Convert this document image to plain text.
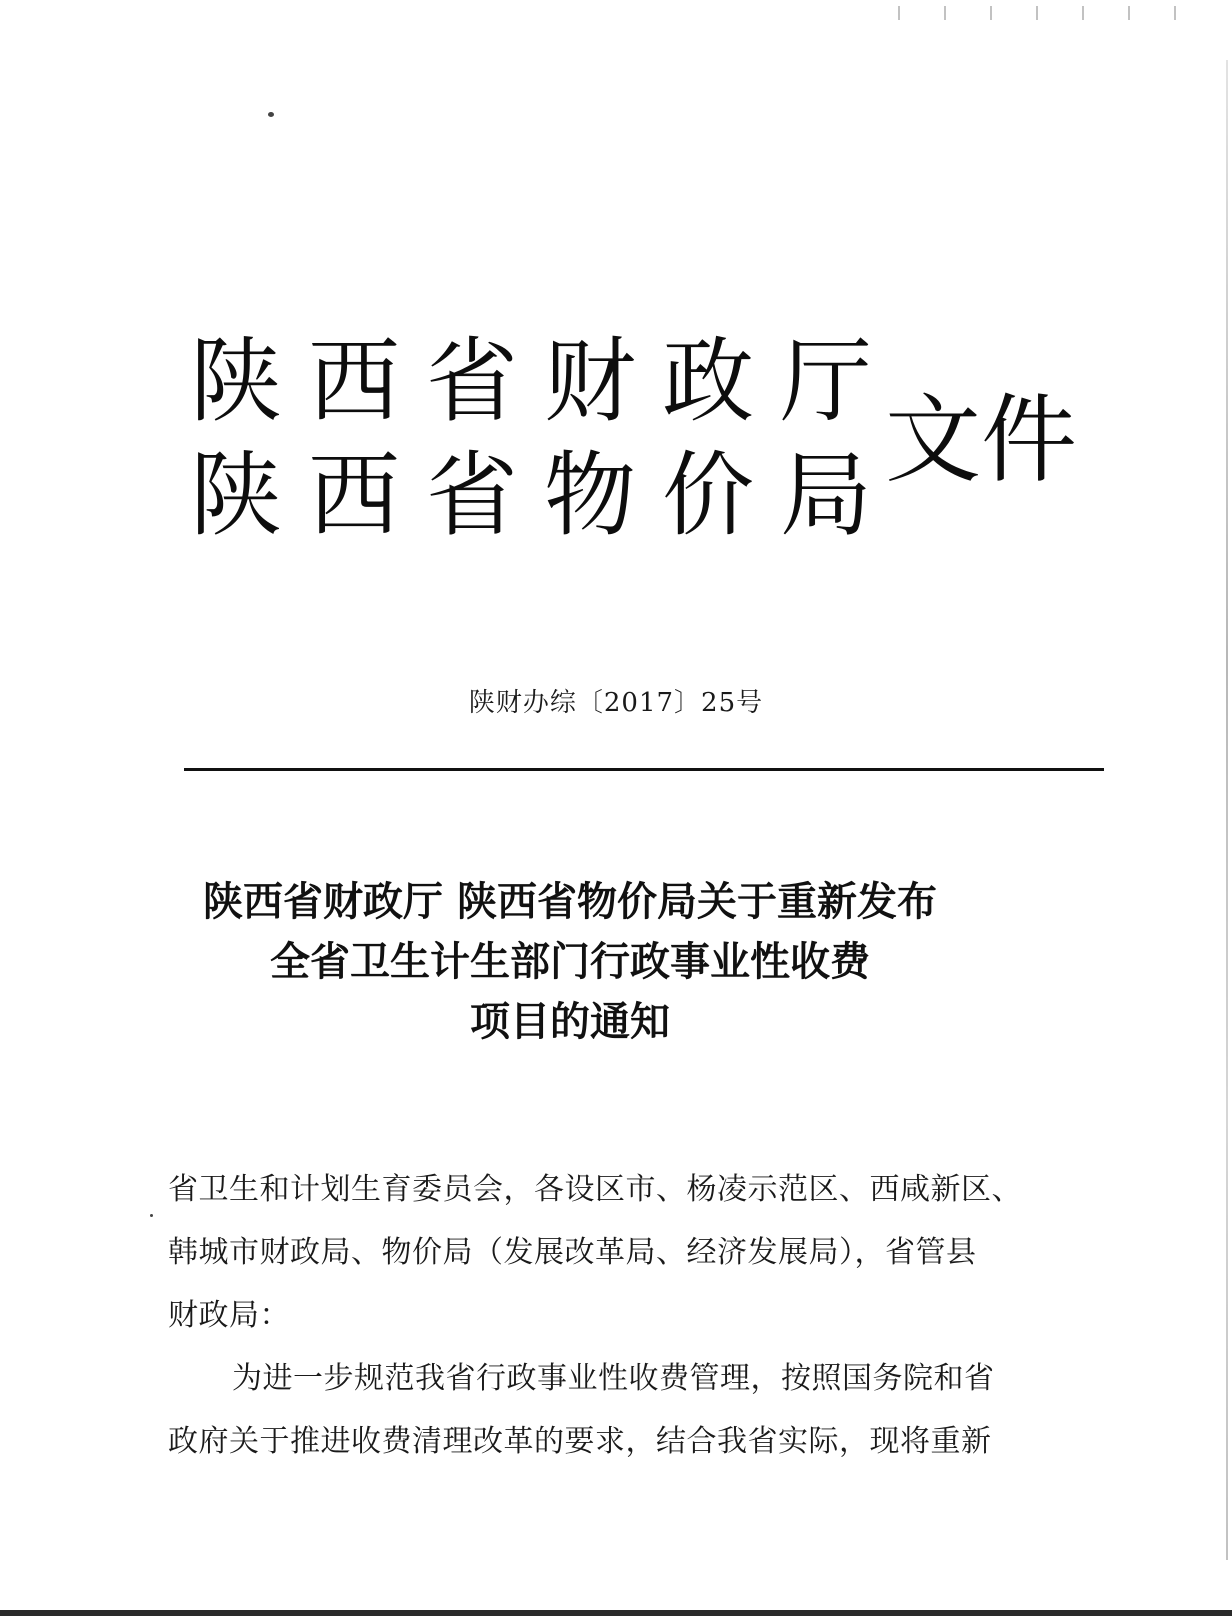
陕西省财政厅
陕西省物价局
文件
陕财办综〔2017〕25号
陕西省财政厅 陕西省物价局关于重新发布
全省卫生计生部门行政事业性收费
项目的通知
省卫生和计划生育委员会，各设区市、杨凌示范区、西咸新区、
韩城市财政局、物价局（发展改革局、经济发展局），省管县
财政局：
为进一步规范我省行政事业性收费管理，按照国务院和省
政府关于推进收费清理改革的要求，结合我省实际，现将重新
